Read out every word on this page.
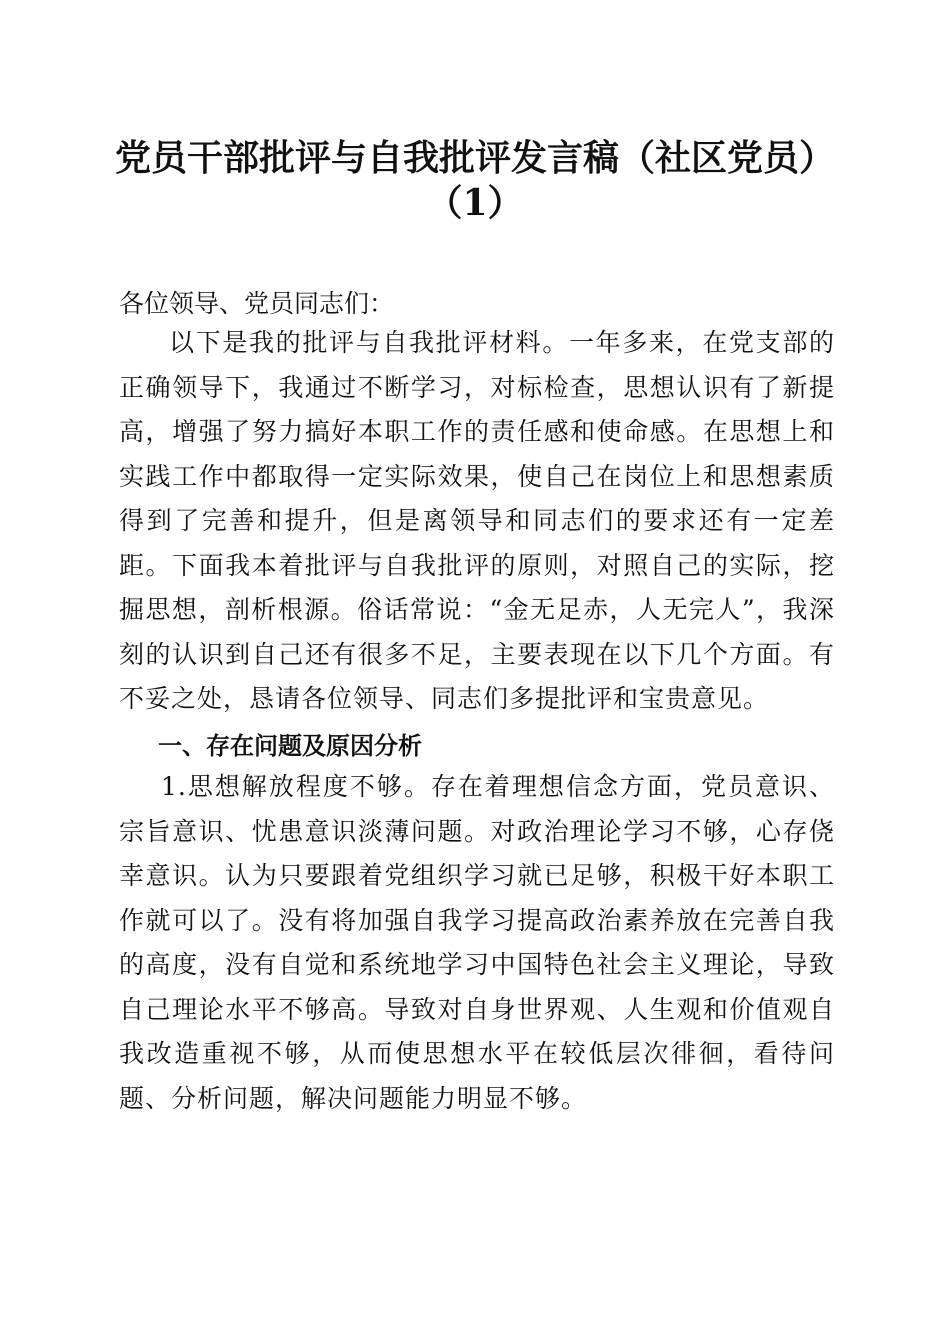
党员干部批评与自我批评发言稿（社区党员）
（1）
各位领导、党员同志们：

以下是我的批评与自我批评材料。一年多来，在党支部的正确领导下，我通过不断学习，对标检查，思想认识有了新提高，增强了努力搞好本职工作的责任感和使命感。在思想上和实践工作中都取得一定实际效果，使自己在岗位上和思想素质得到了完善和提升，但是离领导和同志们的要求还有一定差距。下面我本着批评与自我批评的原则，对照自己的实际，挖掘思想，剖析根源。俗话常说：“金无足赤，人无完人”，我深刻的认识到自己还有很多不足，主要表现在以下几个方面。有不妥之处，恳请各位领导、同志们多提批评和宝贵意见。

一、存在问题及原因分析

1.思想解放程度不够。存在着理想信念方面，党员意识、宗旨意识、忧患意识淡薄问题。对政治理论学习不够，心存侥幸意识。认为只要跟着党组织学习就已足够，积极干好本职工作就可以了。没有将加强自我学习提高政治素养放在完善自我的高度，没有自觉和系统地学习中国特色社会主义理论，导致自己理论水平不够高。导致对自身世界观、人生观和价值观自我改造重视不够，从而使思想水平在较低层次徘徊，看待问题、分析问题，解决问题能力明显不够。
